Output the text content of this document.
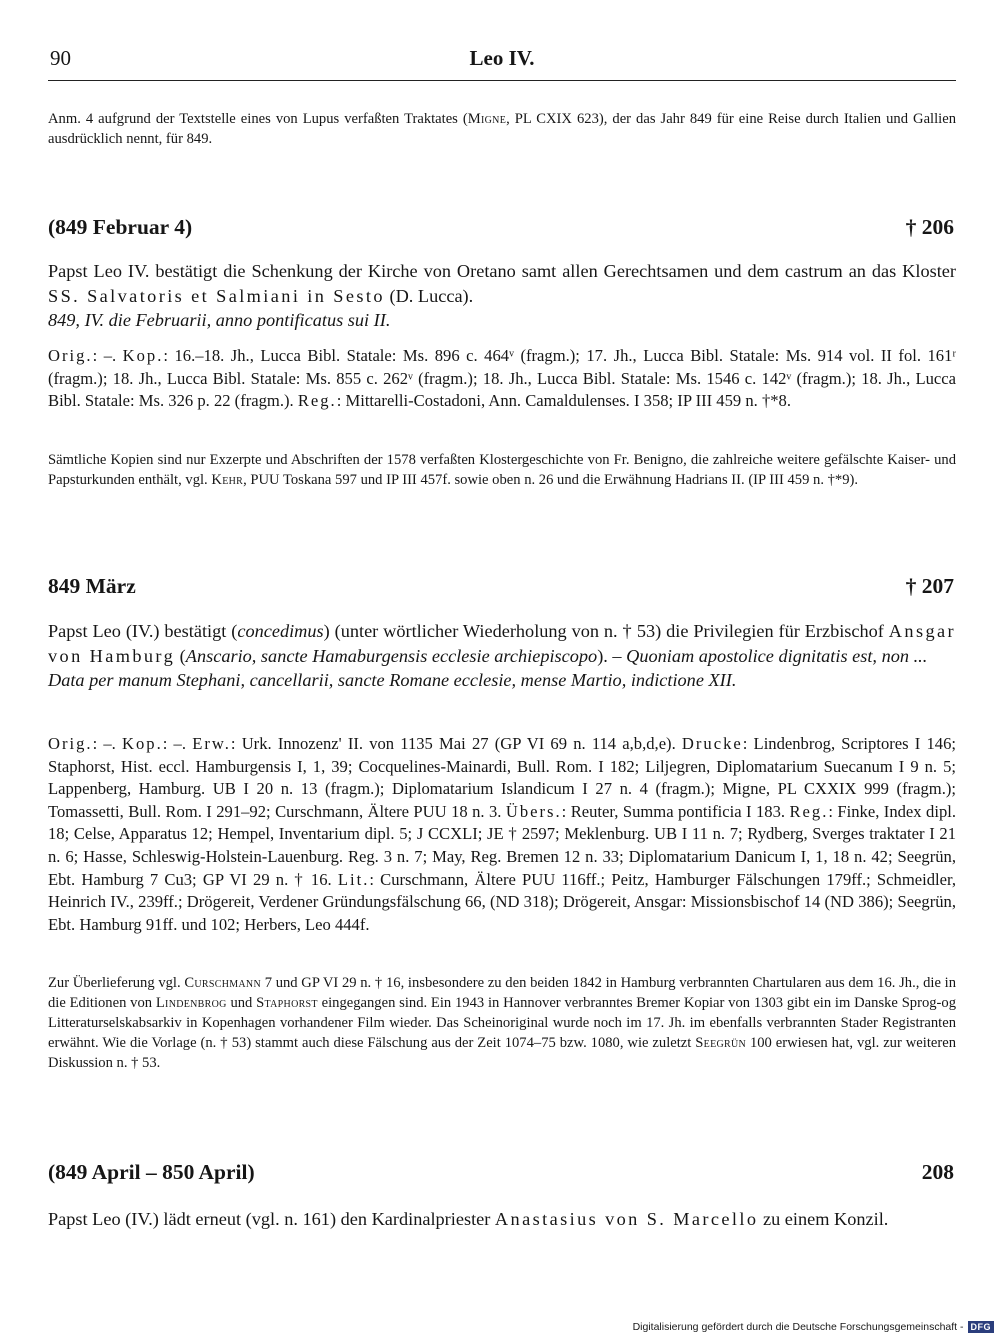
90	Leo IV.

Anm. 4 aufgrund der Textstelle eines von Lupus verfaßten Traktates (Migne, PL CXIX 623), der das Jahr 849 für eine Reise durch Italien und Gallien ausdrücklich nennt, für 849.

(849 Februar 4)	† 206

Papst Leo IV. bestätigt die Schenkung der Kirche von Oretano samt allen Gerechtsamen und dem castrum an das Kloster SS. Salvatoris et Salmiani in Sesto (D. Lucca).
849, IV. die Februarii, anno pontificatus sui II.

Orig.: –. Kop.: 16.–18. Jh., Lucca Bibl. Statale: Ms. 896 c. 464ᵛ (fragm.); 17. Jh., Lucca Bibl. Statale: Ms. 914 vol. II fol. 161ʳ (fragm.); 18. Jh., Lucca Bibl. Statale: Ms. 855 c. 262ᵛ (fragm.); 18. Jh., Lucca Bibl. Statale: Ms. 1546 c. 142ᵛ (fragm.); 18. Jh., Lucca Bibl. Statale: Ms. 326 p. 22 (fragm.). Reg.: Mittarelli-Costadoni, Ann. Camaldulenses. I 358; IP III 459 n. †*8.

Sämtliche Kopien sind nur Exzerpte und Abschriften der 1578 verfaßten Klostergeschichte von Fr. Benigno, die zahlreiche weitere gefälschte Kaiser- und Papsturkunden enthält, vgl. Kehr, PUU Toskana 597 und IP III 457f. sowie oben n. 26 und die Erwähnung Hadrians II. (IP III 459 n. †*9).

849 März	† 207

Papst Leo (IV.) bestätigt (concedimus) (unter wörtlicher Wiederholung von n. † 53) die Privilegien für Erzbischof Ansgar von Hamburg (Anscario, sancte Hamaburgensis ecclesie archiepiscopo). – Quoniam apostolice dignitatis est, non ...
Data per manum Stephani, cancellarii, sancte Romane ecclesie, mense Martio, indictione XII.

Orig.: –. Kop.: –. Erw.: Urk. Innozenz' II. von 1135 Mai 27 (GP VI 69 n. 114 a,b,d,e). Drucke: Lindenbrog, Scriptores I 146; Staphorst, Hist. eccl. Hamburgensis I, 1, 39; Cocquelines-Mainardi, Bull. Rom. I 182; Liljegren, Diplomatarium Suecanum I 9 n. 5; Lappenberg, Hamburg. UB I 20 n. 13 (fragm.); Diplomatarium Islandicum I 27 n. 4 (fragm.); Migne, PL CXXIX 999 (fragm.); Tomassetti, Bull. Rom. I 291–92; Curschmann, Ältere PUU 18 n. 3. Übers.: Reuter, Summa pontificia I 183. Reg.: Finke, Index dipl. 18; Celse, Apparatus 12; Hempel, Inventarium dipl. 5; J CCXLI; JE † 2597; Meklenburg. UB I 11 n. 7; Rydberg, Sverges traktater I 21 n. 6; Hasse, Schleswig-Holstein-Lauenburg. Reg. 3 n. 7; May, Reg. Bremen 12 n. 33; Diplomatarium Danicum I, 1, 18 n. 42; Seegrün, Ebt. Hamburg 7 Cu3; GP VI 29 n. † 16. Lit.: Curschmann, Ältere PUU 116ff.; Peitz, Hamburger Fälschungen 179ff.; Schmeidler, Heinrich IV., 239ff.; Drögereit, Verdener Gründungsfälschung 66, (ND 318); Drögereit, Ansgar: Missionsbischof 14 (ND 386); Seegrün, Ebt. Hamburg 91ff. und 102; Herbers, Leo 444f.

Zur Überlieferung vgl. Curschmann 7 und GP VI 29 n. † 16, insbesondere zu den beiden 1842 in Hamburg verbrannten Chartularen aus dem 16. Jh., die in die Editionen von Lindenbrog und Staphorst eingegangen sind. Ein 1943 in Hannover verbranntes Bremer Kopiar von 1303 gibt ein im Danske Sprog-og Litteraturselskabsarkiv in Kopenhagen vorhandener Film wieder. Das Scheinoriginal wurde noch im 17. Jh. im ebenfalls verbrannten Stader Registranten erwähnt. Wie die Vorlage (n. † 53) stammt auch diese Fälschung aus der Zeit 1074–75 bzw. 1080, wie zuletzt Seegrün 100 erwiesen hat, vgl. zur weiteren Diskussion n. † 53.

(849 April – 850 April)	208

Papst Leo (IV.) lädt erneut (vgl. n. 161) den Kardinalpriester Anastasius von S. Marcello zu einem Konzil.

Digitalisierung gefördert durch die Deutsche Forschungsgemeinschaft - DFG
